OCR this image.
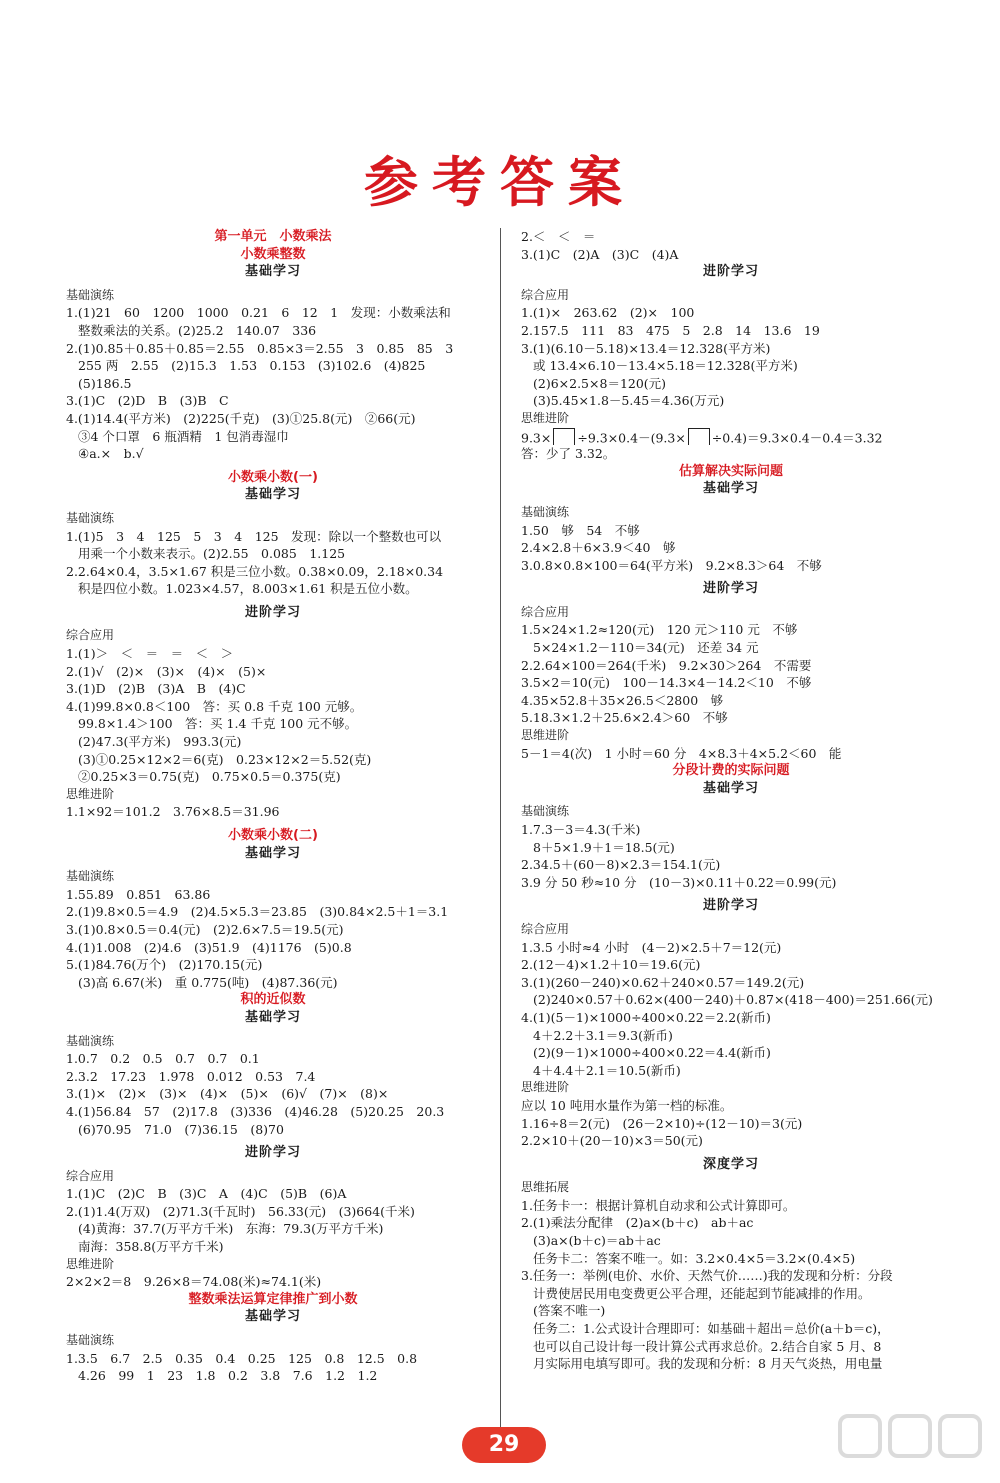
参考答案
第一单元　小数乘法
小数乘整数
基础学习
基础演练
1.(1)21　60　1200　1000　0.21　6　12　1　发现：小数乘法和
整数乘法的关系。(2)25.2　140.07　336
2.(1)0.85＋0.85＋0.85＝2.55　0.85×3＝2.55　3　0.85　85　3
255 两　2.55　(2)15.3　1.53　0.153　(3)102.6　(4)825
(5)186.5
3.(1)C　(2)D　B　(3)B　C
4.(1)14.4(平方米)　(2)225(千克)　(3)①25.8(元)　②66(元)
③4 个口罩　6 瓶酒精　1 包消毒湿巾
④a.×　b.√
小数乘小数(一)
基础学习
基础演练
1.(1)5　3　4　125　5　3　4　125　发现：除以一个整数也可以
用乘一个小数来表示。(2)2.55　0.085　1.125
2.2.64×0.4，3.5×1.67 积是三位小数。0.38×0.09，2.18×0.34
积是四位小数。1.023×4.57，8.003×1.61 积是五位小数。
进阶学习
综合应用
1.(1)＞　＜　＝　＝　＜　＞
2.(1)√　(2)×　(3)×　(4)×　(5)×
3.(1)D　(2)B　(3)A　B　(4)C
4.(1)99.8×0.8＜100　答：买 0.8 千克 100 元够。
99.8×1.4＞100　答：买 1.4 千克 100 元不够。
(2)47.3(平方米)　993.3(元)
(3)①0.25×12×2＝6(克)　0.23×12×2＝5.52(克)
②0.25×3＝0.75(克)　0.75×0.5＝0.375(克)
思维进阶
1.1×92＝101.2　3.76×8.5＝31.96
小数乘小数(二)
基础学习
基础演练
1.55.89　0.851　63.86
2.(1)9.8×0.5＝4.9　(2)4.5×5.3＝23.85　(3)0.84×2.5＋1＝3.1
3.(1)0.8×0.5＝0.4(元)　(2)2.6×7.5＝19.5(元)
4.(1)1.008　(2)4.6　(3)51.9　(4)1176　(5)0.8
5.(1)84.76(万个)　(2)170.15(元)
(3)高 6.67(米)　重 0.775(吨)　(4)87.36(元)
积的近似数
基础学习
基础演练
1.0.7　0.2　0.5　0.7　0.7　0.1
2.3.2　17.23　1.978　0.012　0.53　7.4
3.(1)×　(2)×　(3)×　(4)×　(5)×　(6)√　(7)×　(8)×
4.(1)56.84　57　(2)17.8　(3)336　(4)46.28　(5)20.25　20.3
(6)70.95　71.0　(7)36.15　(8)70
进阶学习
综合应用
1.(1)C　(2)C　B　(3)C　A　(4)C　(5)B　(6)A
2.(1)1.4(万双)　(2)71.3(千瓦时)　56.33(元)　(3)664(千米)
(4)黄海：37.7(万平方千米)　东海：79.3(万平方千米)
南海：358.8(万平方千米)
思维进阶
2×2×2＝8　9.26×8＝74.08(米)≈74.1(米)
整数乘法运算定律推广到小数
基础学习
基础演练
1.3.5　6.7　2.5　0.35　0.4　0.25　125　0.8　12.5　0.8
4.26　99　1　23　1.8　0.2　3.8　7.6　1.2　1.2
2.＜　＜　＝
3.(1)C　(2)A　(3)C　(4)A
进阶学习
综合应用
1.(1)×　263.62　(2)×　100
2.157.5　111　83　475　5　2.8　14　13.6　19
3.(1)(6.10－5.18)×13.4＝12.328(平方米)
或 13.4×6.10－13.4×5.18＝12.328(平方米)
(2)6×2.5×8＝120(元)
(3)5.45×1.8－5.45＝4.36(万元)
思维进阶
9.3× ÷9.3×0.4－(9.3× ÷0.4)＝9.3×0.4－0.4＝3.32
答：少了 3.32。
估算解决实际问题
基础学习
基础演练
1.50　够　54　不够
2.4×2.8＋6×3.9＜40　够
3.0.8×0.8×100＝64(平方米)　9.2×8.3＞64　不够
进阶学习
综合应用
1.5×24×1.2≈120(元)　120 元＞110 元　不够
5×24×1.2－110＝34(元)　还差 34 元
2.2.64×100＝264(千米)　9.2×30＞264　不需要
3.5×2＝10(元)　100－14.3×4－14.2＜10　不够
4.35×52.8＋35×26.5＜2800　够
5.18.3×1.2＋25.6×2.4＞60　不够
思维进阶
5－1＝4(次)　1 小时＝60 分　4×8.3＋4×5.2＜60　能
分段计费的实际问题
基础学习
基础演练
1.7.3－3＝4.3(千米)
8＋5×1.9＋1＝18.5(元)
2.34.5＋(60－8)×2.3＝154.1(元)
3.9 分 50 秒≈10 分　(10－3)×0.11＋0.22＝0.99(元)
进阶学习
综合应用
1.3.5 小时≈4 小时　(4－2)×2.5＋7＝12(元)
2.(12－4)×1.2＋10＝19.6(元)
3.(1)(260－240)×0.62＋240×0.57＝149.2(元)
(2)240×0.57＋0.62×(400－240)＋0.87×(418－400)＝251.66(元)
4.(1)(5－1)×1000÷400×0.22＝2.2(新币)
4＋2.2＋3.1＝9.3(新币)
(2)(9－1)×1000÷400×0.22＝4.4(新币)
4＋4.4＋2.1＝10.5(新币)
思维进阶
应以 10 吨用水量作为第一档的标准。
1.16÷8＝2(元)　(26－2×10)÷(12－10)＝3(元)
2.2×10＋(20－10)×3＝50(元)
深度学习
思维拓展
1.任务卡一：根据计算机自动求和公式计算即可。
2.(1)乘法分配律　(2)a×(b＋c)　ab＋ac
(3)a×(b＋c)＝ab＋ac
任务卡二：答案不唯一。如：3.2×0.4×5＝3.2×(0.4×5)
3.任务一：举例(电价、水价、天然气价……)我的发现和分析：分段
计费使居民用电变费更公平合理，还能起到节能减排的作用。
(答案不唯一)
任务二：1.公式设计合理即可：如基础＋超出＝总价(a＋b＝c)，
也可以自己设计每一段计算公式再求总价。2.结合自家 5 月、8
月实际用电填写即可。我的发现和分析：8 月天气炎热，用电量
29
